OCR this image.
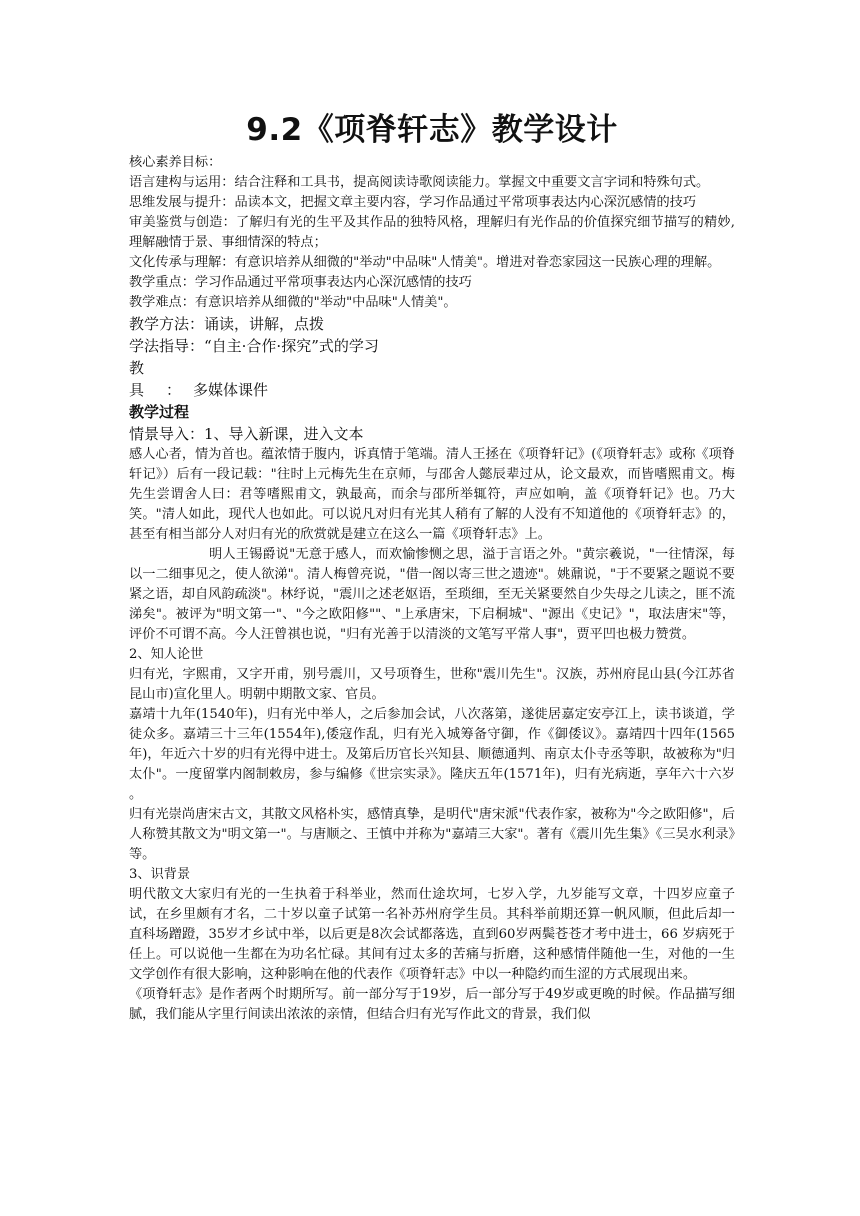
9.2《项脊轩志》教学设计

核心素养目标：

语言建构与运用：结合注释和工具书，提高阅读诗歌阅读能力。掌握文中重要文言字词和特殊句式。

思维发展与提升：品读本文，把握文章主要内容，学习作品通过平常项事表达内心深沉感情的技巧

审美鉴赏与创造：了解归有光的生平及其作品的独特风格，理解归有光作品的价值探究细节描写的精妙,理解融情于景、事细情深的特点；

文化传承与理解：有意识培养从细微的"举动"中品味"人情美"。增进对眷恋家园这一民族心理的理解。

教学重点：学习作品通过平常项事表达内心深沉感情的技巧

教学难点：有意识培养从细微的"举动"中品味"人情美"。

教学方法：诵读，讲解，点拨

学法指导：“自主·合作·探究”式的学习

教具：多媒体课件

教学过程

情景导入：1、导入新课，进入文本

感人心者，情为首也。蕴浓情于腹内，诉真情于笔端。清人王拯在《项脊轩记》(《项脊轩志》或称《项脊轩记》）后有一段记载："往时上元梅先生在京师，与邵舍人懿辰辈过从，论文最欢，而皆嗜熙甫文。梅先生尝谓舍人曰：君等嗜熙甫文，孰最高，而余与邵所举辄符，声应如响，盖《项脊轩记》也。乃大笑。"清人如此，现代人也如此。可以说凡对归有光其人稍有了解的人没有不知道他的《项脊轩志》的，甚至有相当部分人对归有光的欣赏就是建立在这么一篇《项脊轩志》上。

明人王锡爵说"无意于感人，而欢愉惨恻之思，溢于言语之外。"黄宗羲说，"一往情深，每以一二细事见之，使人欲涕"。清人梅曾亮说，"借一阁以寄三世之遗迹"。姚鼐说，"于不要紧之题说不要紧之语，却自风韵疏淡"。林纾说，"震川之述老妪语，至琐细，至无关紧要然自少失母之儿读之，匪不流涕矣"。被评为"明文第一"、"今之欧阳修""、"上承唐宋，下启桐城"、"源出《史记》"，取法唐宋"等，评价不可谓不高。今人汪曾祺也说，"归有光善于以清淡的文笔写平常人事"，贾平凹也极力赞赏。

2、知人论世

归有光，字熙甫，又字开甫，别号震川，又号项脊生，世称"震川先生"。汉族，苏州府昆山县(今江苏省昆山市)宣化里人。明朝中期散文家、官员。

嘉靖十九年(1540年)，归有光中举人，之后参加会试，八次落第，遂徙居嘉定安亭江上，读书谈道，学徒众多。嘉靖三十三年(1554年),倭寇作乱，归有光入城筹备守御，作《御倭议》。嘉靖四十四年(1565 年)，年近六十岁的归有光得中进士。及第后历官长兴知县、顺德通判、南京太仆寺丞等职，故被称为"归太仆"。一度留掌内阁制敕房，参与编修《世宗实录》。隆庆五年(1571年)，归有光病逝，享年六十六岁 。

归有光崇尚唐宋古文，其散文风格朴实，感情真挚，是明代"唐宋派"代表作家，被称为"今之欧阳修"，后人称赞其散文为"明文第一"。与唐顺之、王慎中并称为"嘉靖三大家"。著有《震川先生集》《三吴水利录》等。

3、识背景

明代散文大家归有光的一生执着于科举业，然而仕途坎坷，七岁入学，九岁能写文章，十四岁应童子试，在乡里颇有才名，二十岁以童子试第一名补苏州府学生员。其科举前期还算一帆风顺，但此后却一直科场蹭蹬，35岁才乡试中举，以后更是8次会试都落选，直到60岁两鬓苍苍才考中进士，66 岁病死于任上。可以说他一生都在为功名忙碌。其间有过太多的苦痛与折磨，这种感情伴随他一生，对他的一生文学创作有很大影响，这种影响在他的代表作《项脊轩志》中以一种隐约而生涩的方式展现出来。

《项脊轩志》是作者两个时期所写。前一部分写于19岁，后一部分写于49岁或更晚的时候。作品描写细腻，我们能从字里行间读出浓浓的亲情，但结合归有光写作此文的背景，我们似
